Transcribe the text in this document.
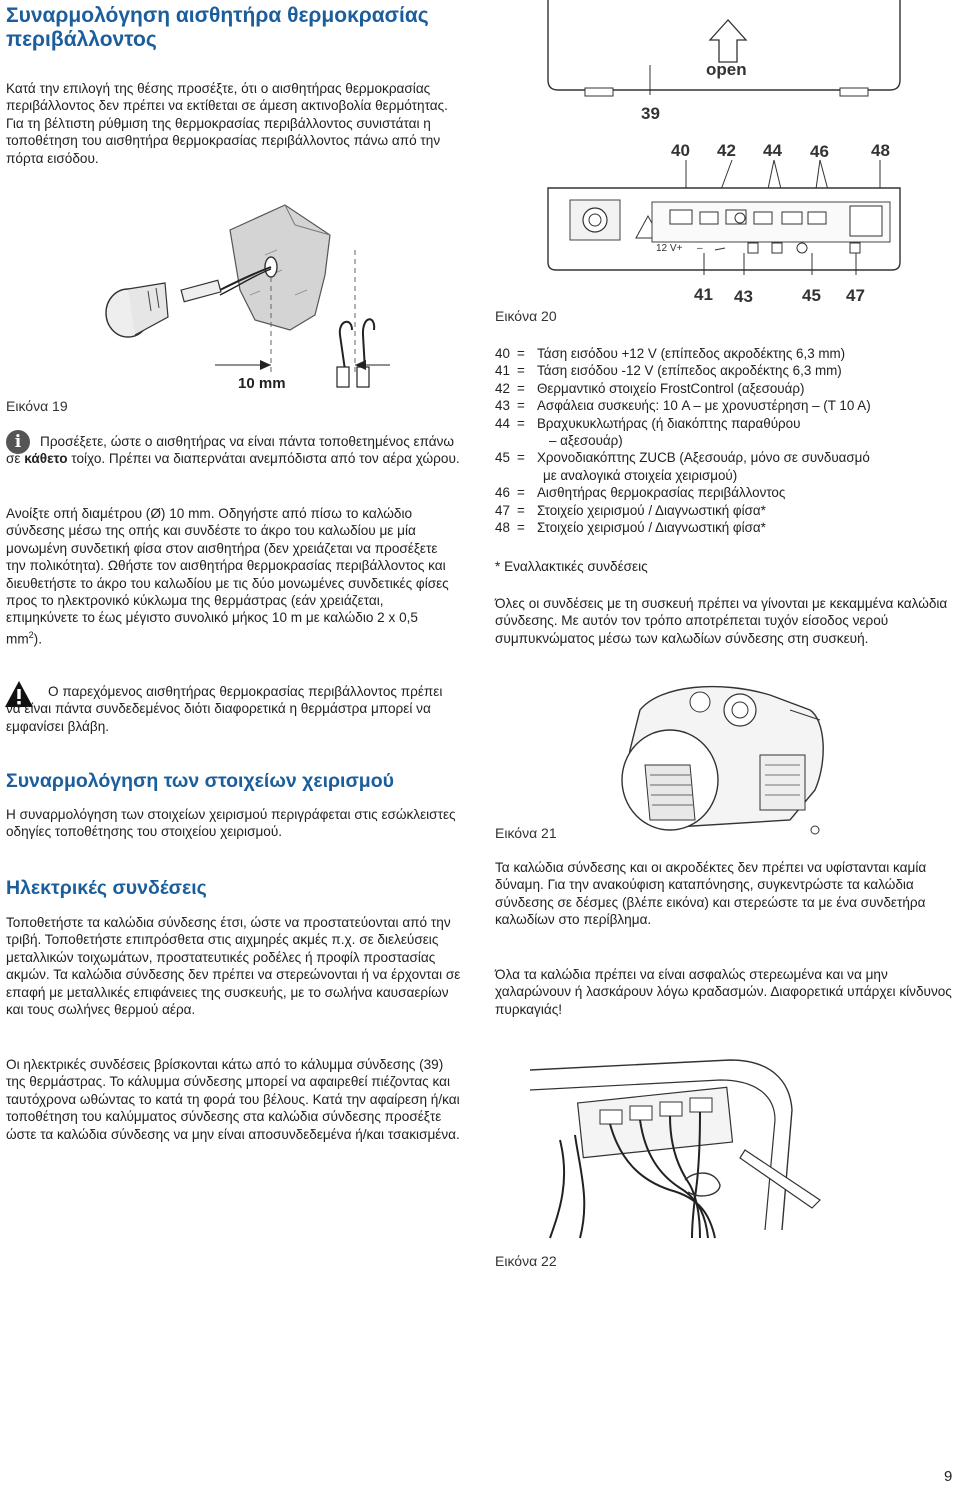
Συναρμολόγηση αισθητήρα θερμοκρασίας περιβάλλοντος

Κατά την επιλογή της θέσης προσέξτε, ότι ο αισθητήρας θερμοκρασίας περιβάλλοντος δεν πρέπει να εκτίθεται σε άμεση ακτινοβολία θερμότητας. Για τη βέλτιστη ρύθμιση της θερμοκρασίας περιβάλλοντος συνιστάται η τοποθέτηση του αισθητήρα θερμοκρασίας περιβάλλοντος πάνω από την πόρτα εισόδου.

10 mm
Εικόνα 19
i	Προσέξετε, ώστε ο αισθητήρας να είναι πάντα τοποθετημένος επάνω σε κάθετο τοίχο. Πρέπει να διαπερνάται ανεμπόδιστα από τον αέρα χώρου.

Ανοίξτε οπή διαμέτρου (Ø) 10 mm. Οδηγήστε από πίσω το καλώδιο σύνδεσης μέσω της οπής και συνδέστε το άκρο του καλωδίου με μία μονωμένη συνδετική φίσα στον αισθητήρα (δεν χρειάζεται να προσέξετε την πολικότητα). Ωθήστε τον αισθητήρα θερμοκρασίας περιβάλλοντος και διευθετήστε το άκρο του καλωδίου με τις δύο μονωμένες συνδετικές φίσες προς το ηλεκτρονικό κύκλωμα της θερμάστρας (εάν χρειάζεται, επιμηκύνετε το έως μέγιστο συνολικό μήκος 10 m με καλώδιο 2 x 0,5 $mm^2$).

Ο παρεχόμενος αισθητήρας θερμοκρασίας περιβάλλοντος πρέπει να είναι πάντα συνδεδεμένος διότι διαφορετικά η θερμάστρα μπορεί να εμφανίσει βλάβη.

Συναρμολόγηση των στοιχείων χειρισμού

Η συναρμολόγηση των στοιχείων χειρισμού περιγράφεται στις εσώκλειστες οδηγίες τοποθέτησης του στοιχείου χειρισμού.

Ηλεκτρικές συνδέσεις

Τοποθετήστε τα καλώδια σύνδεσης έτσι, ώστε να προστατεύονται από την τριβή. Τοποθετήστε επιπρόσθετα στις αιχμηρές ακμές π.χ. σε διελεύσεις μεταλλικών τοιχωμάτων, προστατευτικές ροδέλες ή προφίλ προστασίας ακμών. Τα καλώδια σύνδεσης δεν πρέπει να στερεώνονται ή να έρχονται σε επαφή με μεταλλικές επιφάνειες της συσκευής, με το σωλήνα καυσαερίων και τους σωλήνες θερμού αέρα.

Οι ηλεκτρικές συνδέσεις βρίσκονται κάτω από το κάλυμμα σύνδεσης (39) της θερμάστρας. Το κάλυμμα σύνδεσης μπορεί να αφαιρεθεί πιέζοντας και ταυτόχρονα ωθώντας το κατά τη φορά του βέλους. Κατά την αφαίρεση ή/και τοποθέτηση του καλύμματος σύνδεσης στα καλώδια σύνδεσης προσέξτε ώστε τα καλώδια σύνδεσης να μην είναι αποσυνδεδεμένα ή/και τσακισμένα.

open
12 V+ –
39
40 42 44 46 48
41 43	45 47
Εικόνα 20
40 = Τάση εισόδου +12 V (επίπεδος ακροδέκτης 6,3 mm)
41 = Τάση εισόδου -12 V (επίπεδος ακροδέκτης 6,3 mm)
42 = Θερμαντικό στοιχείο FrostControl (αξεσουάρ)
43 = Ασφάλεια συσκευής: 10 A – με χρονυστέρηση – (T 10 A)
44 = Βραχυκυκλωτήρας (ή διακόπτης παραθύρου
– αξεσουάρ)
45 = Χρονοδιακόπτης ZUCB (Αξεσουάρ, μόνο σε συνδυασμό
με αναλογικά στοιχεία χειρισμού)
46 = Αισθητήρας θερμοκρασίας περιβάλλοντος
47 = Στοιχείο χειρισμού / Διαγνωστική φίσα*
48 = Στοιχείο χειρισμού / Διαγνωστική φίσα*

* Εναλλακτικές συνδέσεις

Όλες οι συνδέσεις με τη συσκευή πρέπει να γίνονται με κεκαμμένα καλώδια σύνδεσης. Με αυτόν τον τρόπο αποτρέπεται τυχόν είσοδος νερού συμπυκνώματος μέσω των καλωδίων σύνδεσης στη συσκευή.

Εικόνα 21

Τα καλώδια σύνδεσης και οι ακροδέκτες δεν πρέπει να υφίστανται καμία δύναμη. Για την ανακούφιση καταπόνησης, συγκεντρώστε τα καλώδια σύνδεσης σε δέσμες (βλέπε εικόνα) και στερεώστε τα με ένα συνδετήρα καλωδίων στο περίβλημα.

Όλα τα καλώδια πρέπει να είναι ασφαλώς στερεωμένα και να μην χαλαρώνουν ή λασκάρουν λόγω κραδασμών. Διαφορετικά υπάρχει κίνδυνος πυρκαγιάς!

Εικόνα 22
9
